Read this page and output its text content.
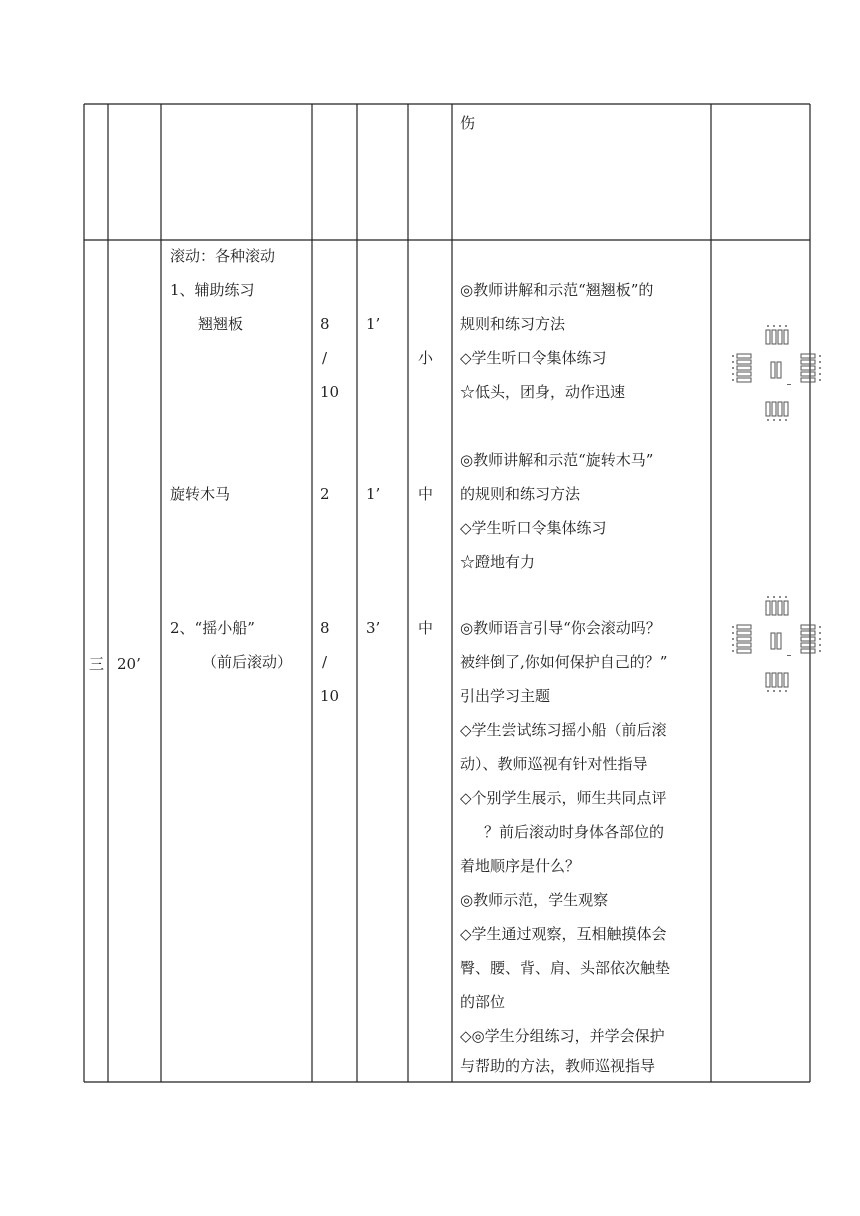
伤
三 20’
滚动：各种滚动
1、辅助练习
翘翘板
旋转木马
2、“摇小船”
（前后滚动）
8
/
10
2
8
/
10
1’
1’
3’
小
中
中
◎教师讲解和示范“翘翘板”的
规则和练习方法
◇学生听口令集体练习
☆低头，团身，动作迅速
◎教师讲解和示范“旋转木马”
的规则和练习方法
◇学生听口令集体练习
☆蹬地有力
◎教师语言引导“你会滚动吗？
被绊倒了,你如何保护自己的？”
引出学习主题
◇学生尝试练习摇小船（前后滚
动）、教师巡视有针对性指导
◇个别学生展示，师生共同点评
？前后滚动时身体各部位的
着地顺序是什么？
◎教师示范，学生观察
◇学生通过观察，互相触摸体会
臀、腰、背、肩、头部依次触垫
的部位
◇◎学生分组练习，并学会保护
与帮助的方法，教师巡视指导
